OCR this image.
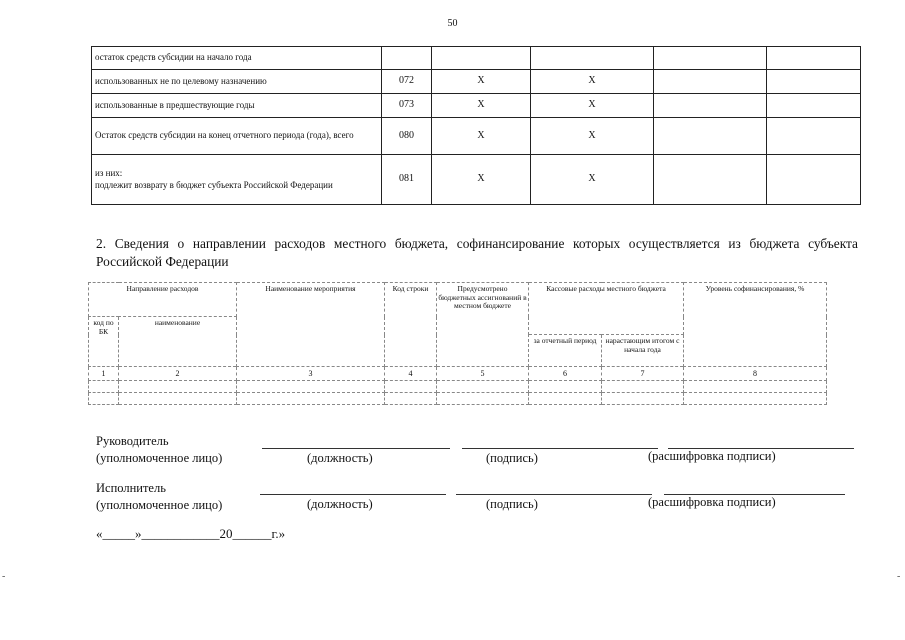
50
остаток средств субсидии на начало года					
использованных не по целевому назначению	072	X	X		
использованные в предшествующие годы	073	X	X		
Остаток средств субсидии на конец отчетного периода (года), всего	080	X	X		
из них:
подлежит возврату в бюджет субъекта Российской Федерации	081	X	X		
2. Сведения о направлении расходов местного бюджета, софинансирование которых осуществляется из бюджета субъекта Российской Федерации
Направление расходов		Наименование мероприятия	Код строки	Предусмотрено бюджетных ассигнований в местном бюджете	Кассовые расходы местного бюджета		Уровень софинансирования, %
код по БК	наименование						
					за отчетный период	нарастающим итогом с начала года	
1	2	3	4	5	6	7	8

Руководитель
(уполномоченное лицо)	(должность)	(подпись)	(расшифровка подписи)
Исполнитель
(уполномоченное лицо)	(должность)	(подпись)	(расшифровка подписи)
«_____»____________20______г.»
-	-
